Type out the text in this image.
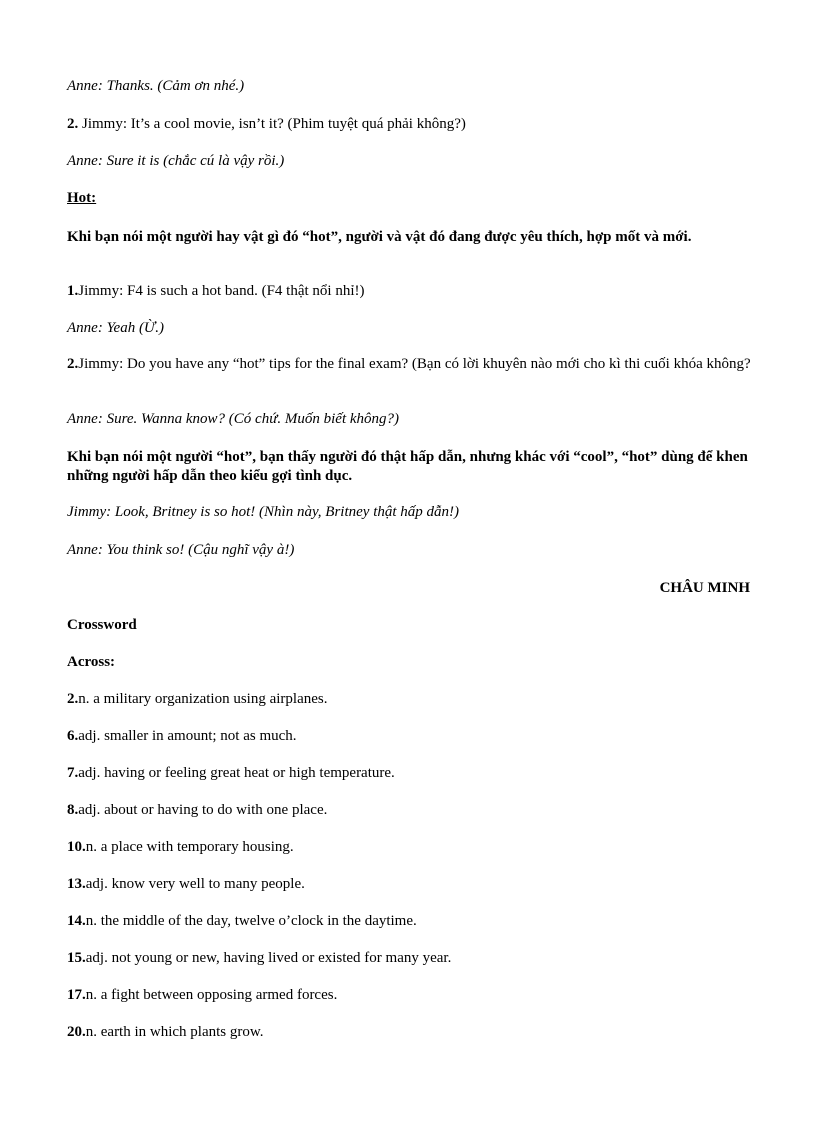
Anne: Thanks. (Cảm ơn nhé.)
2. Jimmy: It’s a cool movie, isn’t it? (Phim tuyệt quá phải không?)
Anne: Sure it is (chắc cú là vậy rồi.)
Hot:
Khi bạn nói một người hay vật gì đó “hot”, người và vật đó đang được yêu thích, hợp mốt và mới.
1.Jimmy: F4 is such a hot band. (F4 thật nổi nhỉ!)
Anne: Yeah (Ừ.)
2.Jimmy: Do you have any “hot” tips for the final exam? (Bạn có lời khuyên nào mới cho kì thi cuối khóa không?
Anne: Sure. Wanna know? (Có chứ. Muốn biết không?)
Khi bạn nói một người “hot”, bạn thấy người đó thật hấp dẫn, nhưng khác với “cool”, “hot” dùng để khen những người hấp dẫn theo kiểu gợi tình dục.
Jimmy: Look, Britney is so hot! (Nhìn này, Britney thật hấp dẫn!)
Anne: You think so! (Cậu nghĩ vậy à!)
CHÂU MINH
Crossword
Across:
2.n. a military organization using airplanes.
6.adj. smaller in amount; not as much.
7.adj. having or feeling great heat or high temperature.
8.adj. about or having to do with one place.
10.n. a place with temporary housing.
13.adj. know very well to many people.
14.n. the middle of the day, twelve o’clock in the daytime.
15.adj. not young or new, having lived or existed for many year.
17.n. a fight between opposing armed forces.
20.n. earth in which plants grow.
